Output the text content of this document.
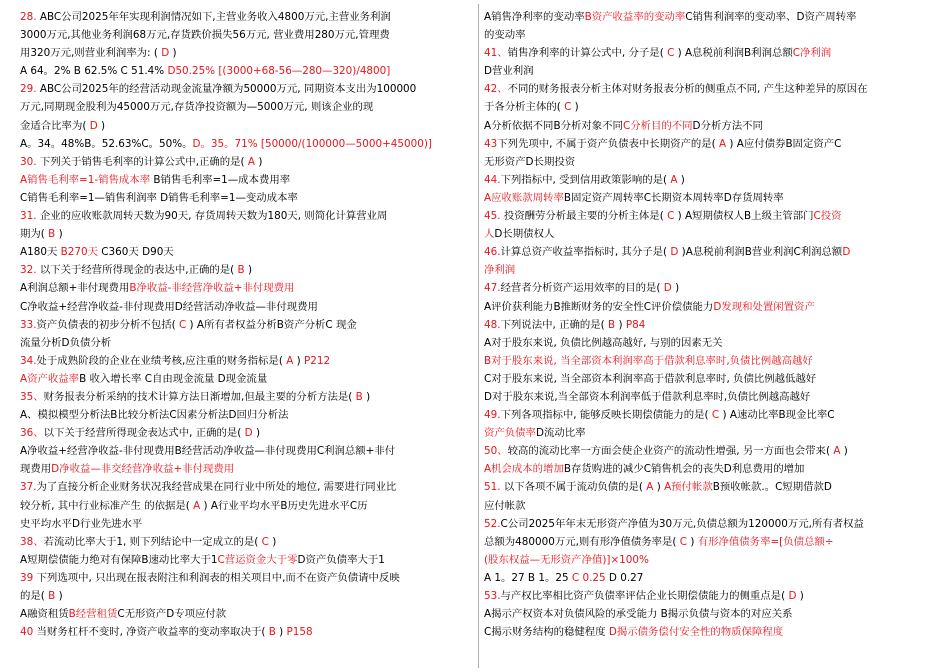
28. ABC公司2025年年实现利润情况如下,主营业务收入4800万元,主营业务利润
3000万元,其他业务利润68万元,存货跌价损失56万元, 营业费用280万元,管理费
用320万元,则营业利润率为: ( D )
A 64。2% B 62.5% C 51.4% D50.25% [(3000+68-56—280—320)/4800]
29. ABC公司2025年的经营活动现金流量净额为50000万元, 同期资本支出为100000
万元,同期现金股利为45000万元,存货净投资额为—5000万元, 则该企业的现
金适合比率为( D )
A。34。48%B。52.63%C。50%。D。35。71% [50000/(100000—5000+45000)]
30. 下列关于销售毛利率的计算公式中,正确的是( A )
A销售毛利率=1-销售成本率 B销售毛利率=1—成本费用率
C销售毛利率=1—销售利润率 D销售毛利率=1—变动成本率
31. 企业的应收账款周转天数为90天, 存货周转天数为180天, 则简化计算营业周
期为( B )
A180天 B270天 C360天 D90天
32. 以下关于经营所得现金的表达中,正确的是( B )
A利润总额+非付现费用B净收益-非经营净收益+非付现费用
C净收益+经营净收益-非付现费用D经营活动净收益—非付现费用
33.资产负债表的初步分析不包括( C ) A所有者权益分析B资产分析C 现金
流量分析D负债分析
34.处于成熟阶段的企业在业绩考核,应注重的财务指标是( A ) P212
A资产收益率B 收入增长率 C自由现金流量 D现金流量
35、财务报表分析采纳的技术计算方法日渐增加,但最主要的分析方法是( B )
A、模拟模型分析法B比较分析法C因素分析法D回归分析法
36、以下关于经营所得现金表达式中, 正确的是( D )
A净收益+经营净收益-非付现费用B经营活动净收益—非付现费用C利润总额+非付
现费用D净收益—非交经营净收益+非付现费用
37.为了直接分析企业财务状况我经营成果在同行业中所处的地位, 需要进行同业比
较分析, 其中行业标准产生 的依据是( A ) A行业平均水平B历史先进水平C历
史平均水平D行业先进水平
38、若流动比率大于1, 则下列结论中一定成立的是( C )
A短期偿债能力绝对有保障B速动比率大于1C营运资金大于零D资产负债率大于1
39 下列选项中, 只出现在报表附注和利润表的相关项目中,而不在资产负债请中反映
的是( B )
A融资租赁B经营租赁C无形资产D专项应付款
40 当财务杠杆不变时, 净资产收益率的变动率取决于( B ) P158
A销售净利率的变动率B资产收益率的变动率C销售利润率的变动率、D资产周转率
的变动率
41、销售净利率的计算公式中, 分子是( C ) A息税前利润B利润总额C净利润
D营业利润
42、不同的财务报表分析主体对财务报表分析的侧重点不同, 产生这种差异的原因在
于各分析主体的( C )
A分析依据不同B分析对象不同C分析目的不同D分析方法不同
43下列先项中, 不属于资产负债表中长期资产的是( A ) A应付债券B固定资产C
无形资产D长期投资
44.下列指标中, 受到信用政策影响的是( A )
A应收账款周转率B固定资产周转率C长期资本周转率D存货周转率
45. 投资酬劳分析最主要的分析主体是( C ) A短期债权人B上级主管部门C投资
人D长期债权人
46.计算总资产收益率指标时, 其分子是( D )A息税前利润B营业利润C利润总额D
净利润
47.经营者分析资产运用效率的目的是( D )
A评价获利能力B推断财务的安全性C评价偿债能力D发现和处置闲置资产
48.下列说法中, 正确的是( B ) P84
A对于股东来说, 负债比例越高越好, 与别的因素无关
B对于股东来说, 当全部资本利润率高于借款利息率时,负债比例越高越好
C对于股东来说, 当全部资本利润率高于借款利息率时, 负债比例越低越好
D对于股东来说,当全部资本利润率低于借款利息率时,负债比例越高越好
49.下列各项指标中, 能够反映长期偿债能力的是( C ) A速动比率B现金比率C
资产负债率D流动比率
50、较高的流动比率一方面会使企业资产的流动性增强, 另一方面也会带来( A )
A机会成本的增加B存货购进的减少C销售机会的丧失D利息费用的增加
51. 以下各项不属于流动负债的是( A ) A预付帐款B预收帐款.。C短期借款D
应付帐款
52.C公司2025年年末无形资产净值为30万元,负债总额为120000万元,所有者权益
总额为480000万元,则有形净值债务率是( C ) 有形净值债务率=[负债总额÷
(股东权益—无形资产净值)]×100%
A 1。27 B 1。25 C 0.25 D 0.27
53.与产权比率相比资产负债率评估企业长期偿债能力的侧重点是( D )
A揭示产权资本对负债风险的承受能力 B揭示负债与资本的对应关系
C揭示财务结构的稳健程度 D揭示债务偿付安全性的物质保障程度
